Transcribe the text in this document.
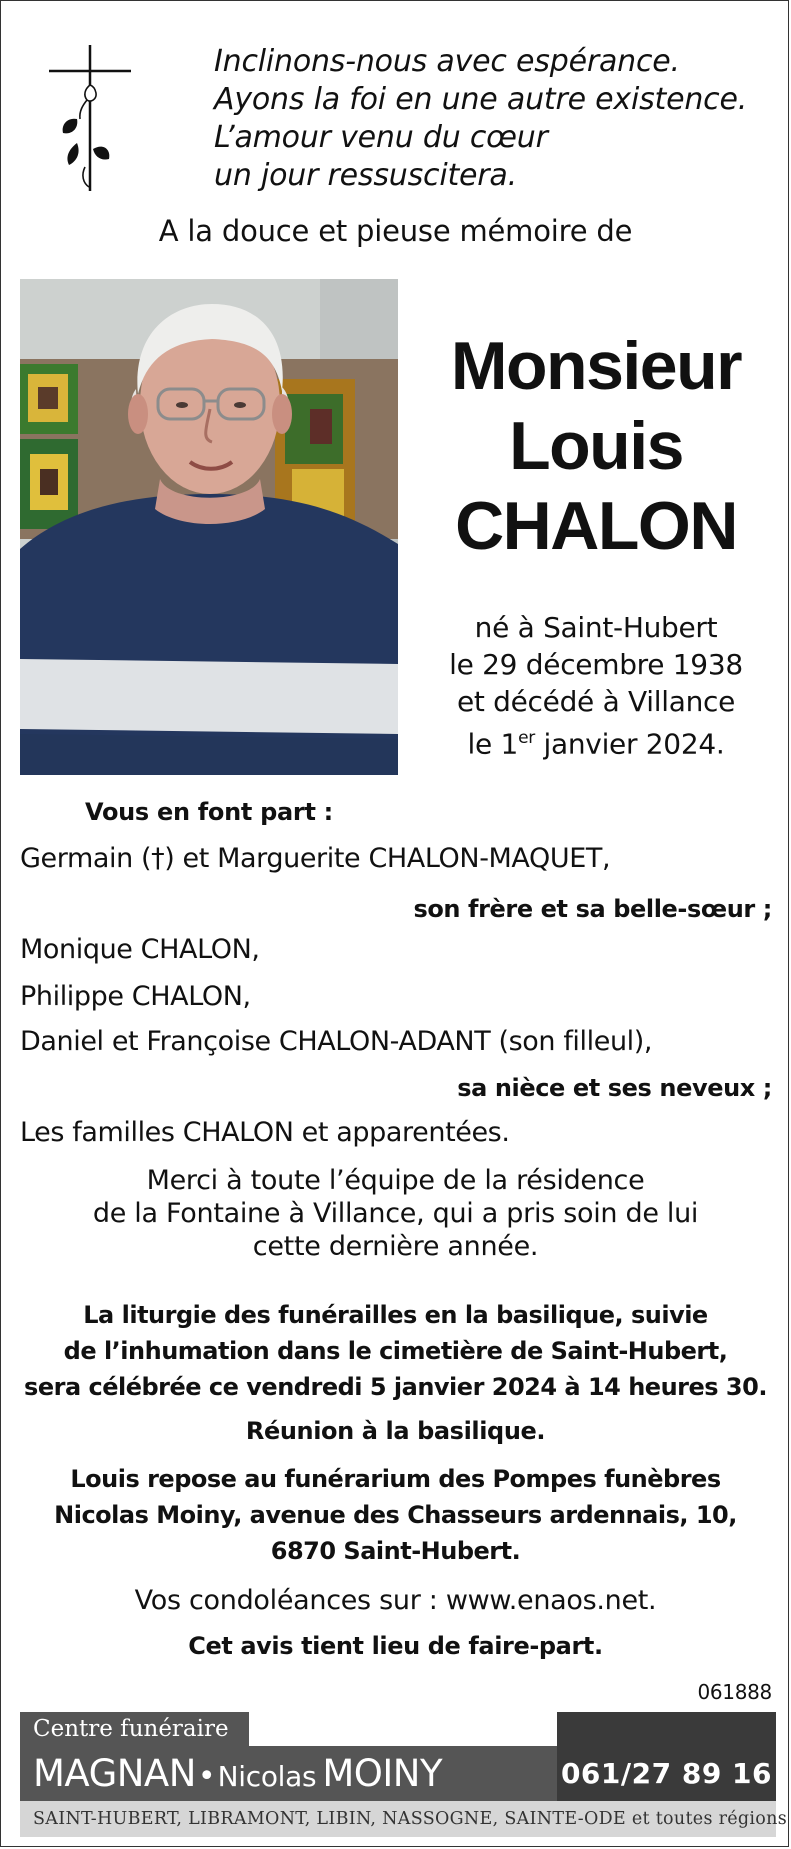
Inclinons-nous avec espérance.
Ayons la foi en une autre existence.
L’amour venu du cœur
un jour ressuscitera.
A la douce et pieuse mémoire de
Monsieur
Louis
CHALON
né à Saint-Hubert
le 29 décembre 1938
et décédé à Villance
le 1er janvier 2024.
Vous en font part :
Germain (†) et Marguerite CHALON-MAQUET,
son frère et sa belle-sœur ;
Monique CHALON,
Philippe CHALON,
Daniel et Françoise CHALON-ADANT (son filleul),
sa nièce et ses neveux ;
Les familles CHALON et apparentées.
Merci à toute l’équipe de la résidence
de la Fontaine à Villance, qui a pris soin de lui
cette dernière année.
La liturgie des funérailles en la basilique, suivie
de l’inhumation dans le cimetière de Saint-Hubert,
sera célébrée ce vendredi 5 janvier 2024 à 14 heures 30.
Réunion à la basilique.
Louis repose au funérarium des Pompes funèbres
Nicolas Moiny, avenue des Chasseurs ardennais, 10,
6870 Saint-Hubert.
Vos condoléances sur : www.enaos.net.
Cet avis tient lieu de faire-part.
061888
Centre funéraire
MAGNAN•Nicolas MOINY	061/27 89 16
SAINT-HUBERT, LIBRAMONT, LIBIN, NASSOGNE, SAINTE-ODE et toutes régions
